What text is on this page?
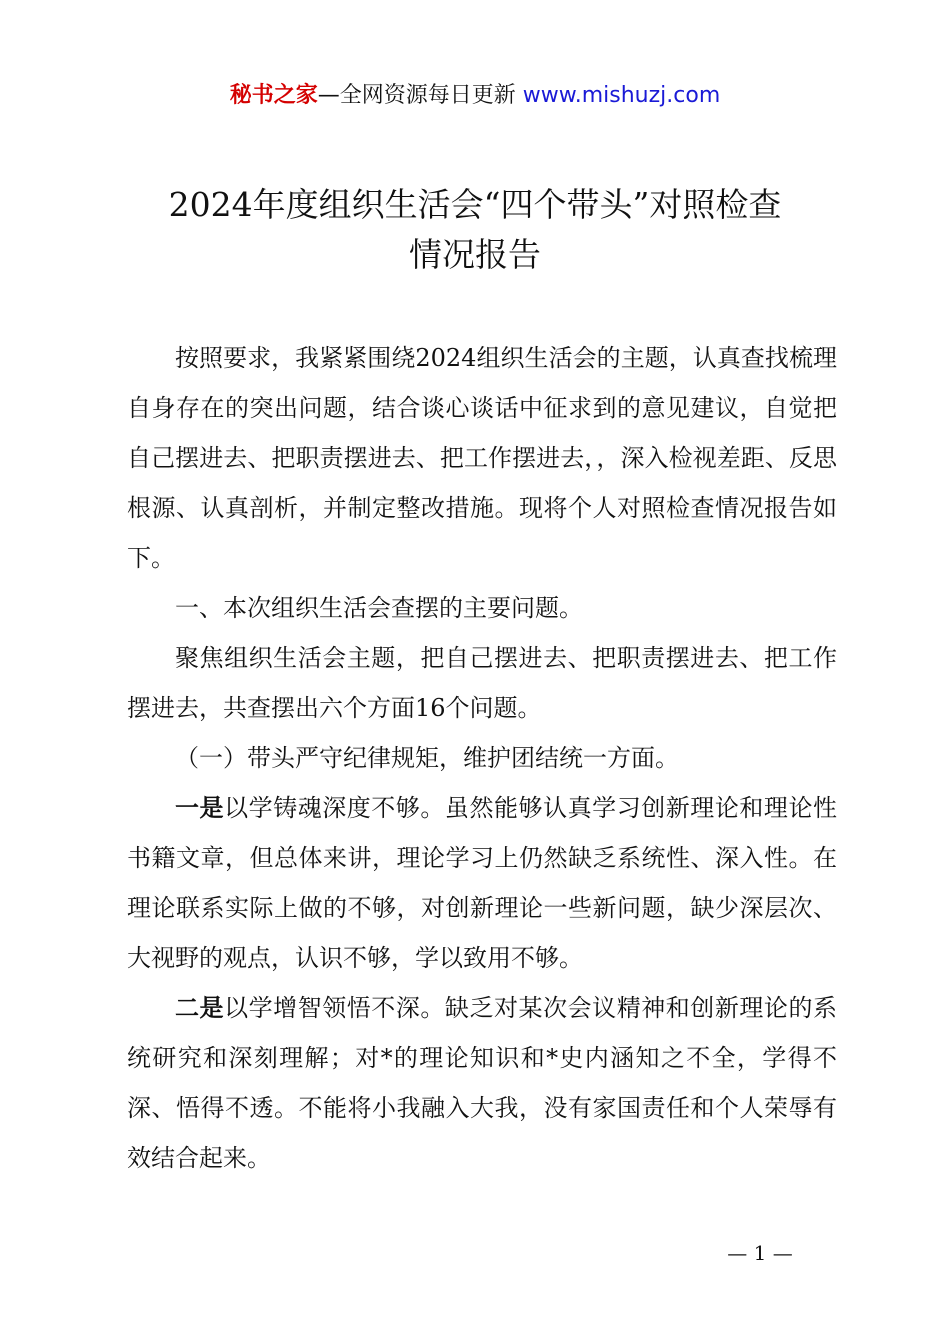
秘书之家—全网资源每日更新 www.mishuzj.com
2024年度组织生活会“四个带头”对照检查
情况报告

按照要求，我紧紧围绕2024组织生活会的主题，认真查找梳理自身存在的突出问题，结合谈心谈话中征求到的意见建议，自觉把自己摆进去、把职责摆进去、把工作摆进去，，深入检视差距、反思根源、认真剖析，并制定整改措施。现将个人对照检查情况报告如下。

一、本次组织生活会查摆的主要问题。

聚焦组织生活会主题，把自己摆进去、把职责摆进去、把工作摆进去，共查摆出六个方面16个问题。

（一）带头严守纪律规矩，维护团结统一方面。

一是以学铸魂深度不够。虽然能够认真学习创新理论和理论性书籍文章，但总体来讲，理论学习上仍然缺乏系统性、深入性。在理论联系实际上做的不够，对创新理论一些新问题，缺少深层次、大视野的观点，认识不够，学以致用不够。

二是以学增智领悟不深。缺乏对某次会议精神和创新理论的系统研究和深刻理解；对*的理论知识和*史内涵知之不全，学得不深、悟得不透。不能将小我融入大我，没有家国责任和个人荣辱有效结合起来。

— 1 —
